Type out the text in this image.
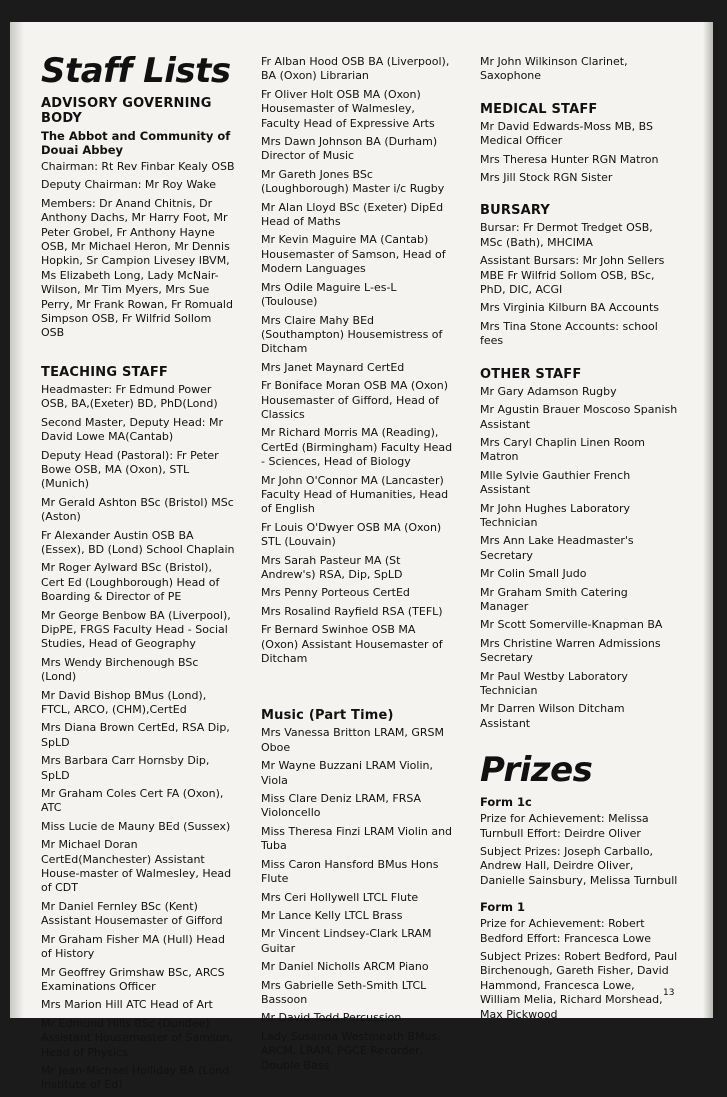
Staff Lists
ADVISORY GOVERNING BODY
The Abbot and Community of Douai Abbey
Chairman: Rt Rev Finbar Kealy OSB
Deputy Chairman: Mr Roy Wake
Members: Dr Anand Chitnis, Dr Anthony Dachs, Mr Harry Foot, Mr Peter Grobel, Fr Anthony Hayne OSB, Mr Michael Heron, Mr Dennis Hopkin, Sr Campion Livesey IBVM, Ms Elizabeth Long, Lady McNair-Wilson, Mr Tim Myers, Mrs Sue Perry, Mr Frank Rowan, Fr Romuald Simpson OSB, Fr Wilfrid Sollom OSB
TEACHING STAFF
Headmaster: Fr Edmund Power OSB, BA,(Exeter) BD, PhD(Lond)
Second Master, Deputy Head: Mr David Lowe MA(Cantab)
Deputy Head (Pastoral): Fr Peter Bowe OSB, MA (Oxon), STL (Munich)
Mr Gerald Ashton BSc (Bristol) MSc (Aston)
Fr Alexander Austin OSB BA (Essex), BD (Lond) School Chaplain
Mr Roger Aylward BSc (Bristol), Cert Ed (Loughborough) Head of Boarding & Director of PE
Mr George Benbow BA (Liverpool), DipPE, FRGS Faculty Head - Social Studies, Head of Geography
Mrs Wendy Birchenough BSc (Lond)
Mr David Bishop BMus (Lond), FTCL, ARCO, (CHM),CertEd
Mrs Diana Brown CertEd, RSA Dip, SpLD
Mrs Barbara Carr Hornsby Dip, SpLD
Mr Graham Coles Cert FA (Oxon), ATC
Miss Lucie de Mauny BEd (Sussex)
Mr Michael Doran CertEd(Manchester) Assistant House-master of Walmesley, Head of CDT
Mr Daniel Fernley BSc (Kent) Assistant Housemaster of Gifford
Mr Graham Fisher MA (Hull) Head of History
Mr Geoffrey Grimshaw BSc, ARCS Examinations Officer
Mrs Marion Hill ATC Head of Art
Mr Edmund Hills BSc (Dundee) Assistant Housemaster of Samson, Head of Physics
Mr Jean-Michael Holliday BA (Lond Institute of Ed)
Fr Alban Hood OSB BA (Liverpool), BA (Oxon) Librarian
Fr Oliver Holt OSB MA (Oxon) Housemaster of Walmesley, Faculty Head of Expressive Arts
Mrs Dawn Johnson BA (Durham) Director of Music
Mr Gareth Jones BSc (Loughborough) Master i/c Rugby
Mr Alan Lloyd BSc (Exeter) DipEd Head of Maths
Mr Kevin Maguire MA (Cantab) Housemaster of Samson, Head of Modern Languages
Mrs Odile Maguire L-es-L (Toulouse)
Mrs Claire Mahy BEd (Southampton) Housemistress of Ditcham
Mrs Janet Maynard CertEd
Fr Boniface Moran OSB MA (Oxon) Housemaster of Gifford, Head of Classics
Mr Richard Morris MA (Reading), CertEd (Birmingham) Faculty Head - Sciences, Head of Biology
Mr John O'Connor MA (Lancaster) Faculty Head of Humanities, Head of English
Fr Louis O'Dwyer OSB MA (Oxon) STL (Louvain)
Mrs Sarah Pasteur MA (St Andrew's) RSA, Dip, SpLD
Mrs Penny Porteous CertEd
Mrs Rosalind Rayfield RSA (TEFL)
Fr Bernard Swinhoe OSB MA (Oxon) Assistant Housemaster of Ditcham
Music (Part Time)
Mrs Vanessa Britton LRAM, GRSM Oboe
Mr Wayne Buzzani LRAM Violin, Viola
Miss Clare Deniz LRAM, FRSA Violoncello
Miss Theresa Finzi LRAM Violin and Tuba
Miss Caron Hansford BMus Hons Flute
Mrs Ceri Hollywell LTCL Flute
Mr Lance Kelly LTCL Brass
Mr Vincent Lindsey-Clark LRAM Guitar
Mr Daniel Nicholls ARCM Piano
Mrs Gabrielle Seth-Smith LTCL Bassoon
Mr David Todd Percussion
Lady Susanna Westmeath BMus, ARCM, LRAM, PGCE Recorder, Double Bass
Mr John Wilkinson Clarinet, Saxophone
MEDICAL STAFF
Mr David Edwards-Moss MB, BS Medical Officer
Mrs Theresa Hunter RGN Matron
Mrs Jill Stock RGN Sister
BURSARY
Bursar: Fr Dermot Tredget OSB, MSc (Bath), MHCIMA
Assistant Bursars: Mr John Sellers MBE Fr Wilfrid Sollom OSB, BSc, PhD, DIC, ACGI
Mrs Virginia Kilburn BA Accounts
Mrs Tina Stone Accounts: school fees
OTHER STAFF
Mr Gary Adamson Rugby
Mr Agustin Brauer Moscoso Spanish Assistant
Mrs Caryl Chaplin Linen Room Matron
Mlle Sylvie Gauthier French Assistant
Mr John Hughes Laboratory Technician
Mrs Ann Lake Headmaster's Secretary
Mr Colin Small Judo
Mr Graham Smith Catering Manager
Mr Scott Somerville-Knapman BA
Mrs Christine Warren Admissions Secretary
Mr Paul Westby Laboratory Technician
Mr Darren Wilson Ditcham Assistant
Prizes
Form 1c
Prize for Achievement: Melissa Turnbull Effort: Deirdre Oliver
Subject Prizes: Joseph Carballo, Andrew Hall, Deirdre Oliver, Danielle Sainsbury, Melissa Turnbull
Form 1
Prize for Achievement: Robert Bedford Effort: Francesca Lowe
Subject Prizes: Robert Bedford, Paul Birchenough, Gareth Fisher, David Hammond, Francesca Lowe, William Melia, Richard Morshead, Max Pickwood
13
